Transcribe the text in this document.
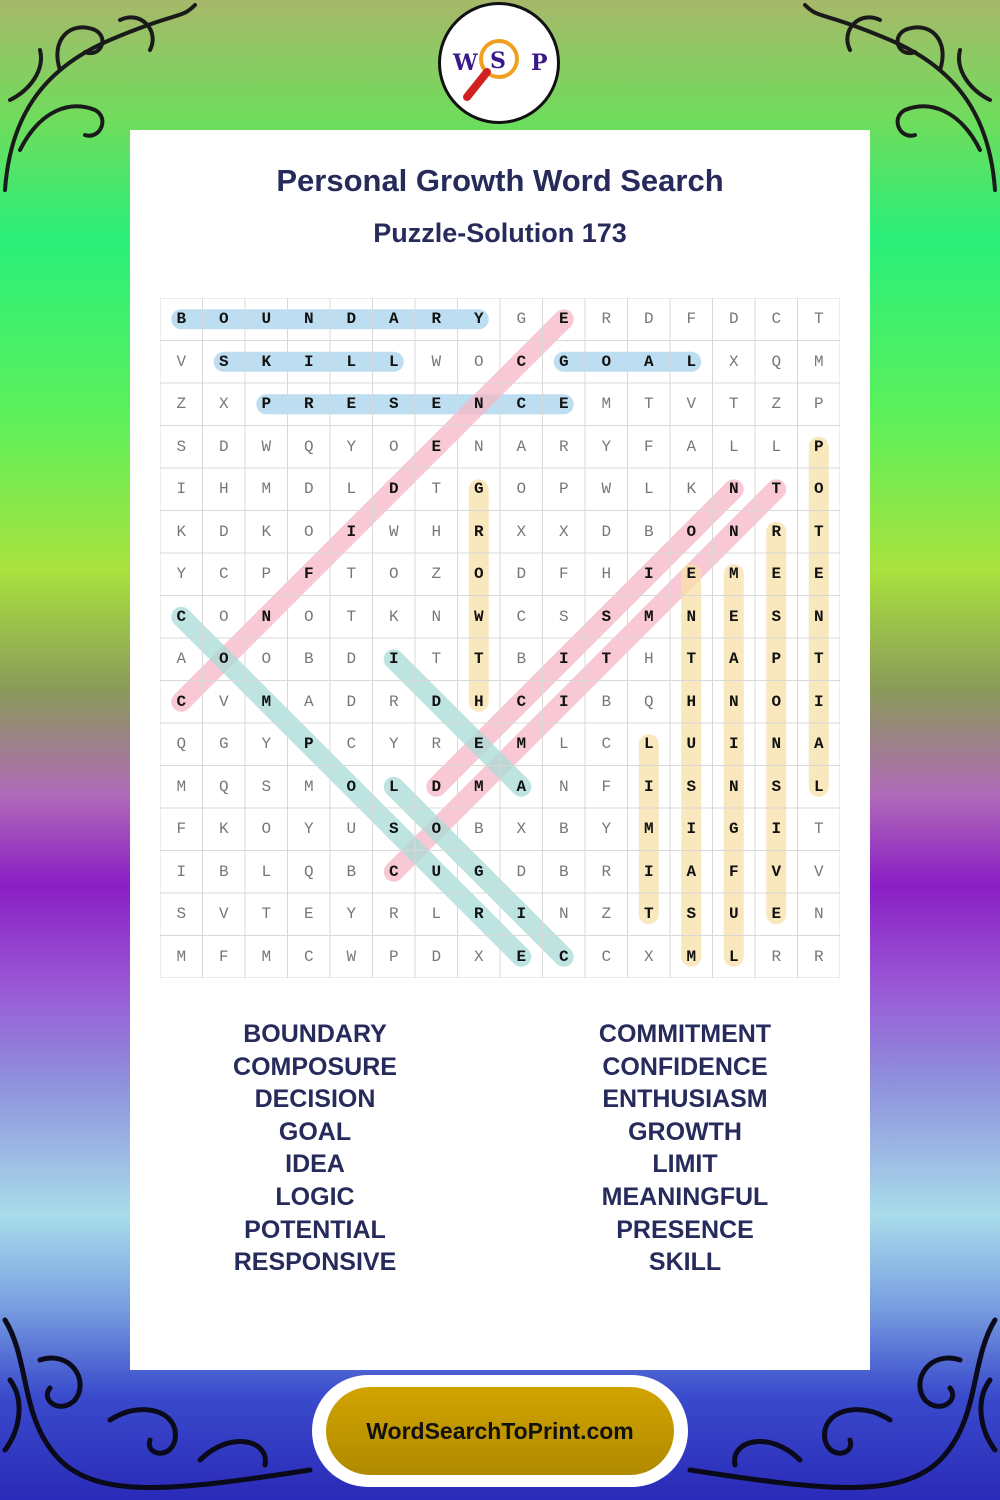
W S P
Personal Growth Word Search
Puzzle-Solution 173
B	O	U	N	D	A	R	Y	G	E	R	D	F	D	C	T
V	S	K	I	L	L	W	O	C	G	O	A	L	X	Q	M
Z	X	P	R	E	S	E	N	C	E	M	T	V	T	Z	P
S	D	W	Q	Y	O	E	N	A	R	Y	F	A	L	L	P
I	H	M	D	L	D	T	G	O	P	W	L	K	N	T	O
K	D	K	O	I	W	H	R	X	X	D	B	O	N	R	T
Y	C	P	F	T	O	Z	O	D	F	H	I	E	M	E	E
C	O	N	O	T	K	N	W	C	S	S	M	N	E	S	N
A	O	O	B	D	I	T	T	B	I	T	H	T	A	P	T
C	V	M	A	D	R	D	H	C	I	B	Q	H	N	O	I
Q	G	Y	P	C	Y	R	E	M	L	C	L	U	I	N	A
M	Q	S	M	O	L	D	M	A	N	F	I	S	N	S	L
F	K	O	Y	U	S	O	B	X	B	Y	M	I	G	I	T
I	B	L	Q	B	C	U	G	D	B	R	I	A	F	V	V
S	V	T	E	Y	R	L	R	I	N	Z	T	S	U	E	N
M	F	M	C	W	P	D	X	E	C	C	X	M	L	R	R
BOUNDARY
COMPOSURE
DECISION
GOAL
IDEA
LOGIC
POTENTIAL
RESPONSIVE
COMMITMENT
CONFIDENCE
ENTHUSIASM
GROWTH
LIMIT
MEANINGFUL
PRESENCE
SKILL
WordSearchToPrint.com
